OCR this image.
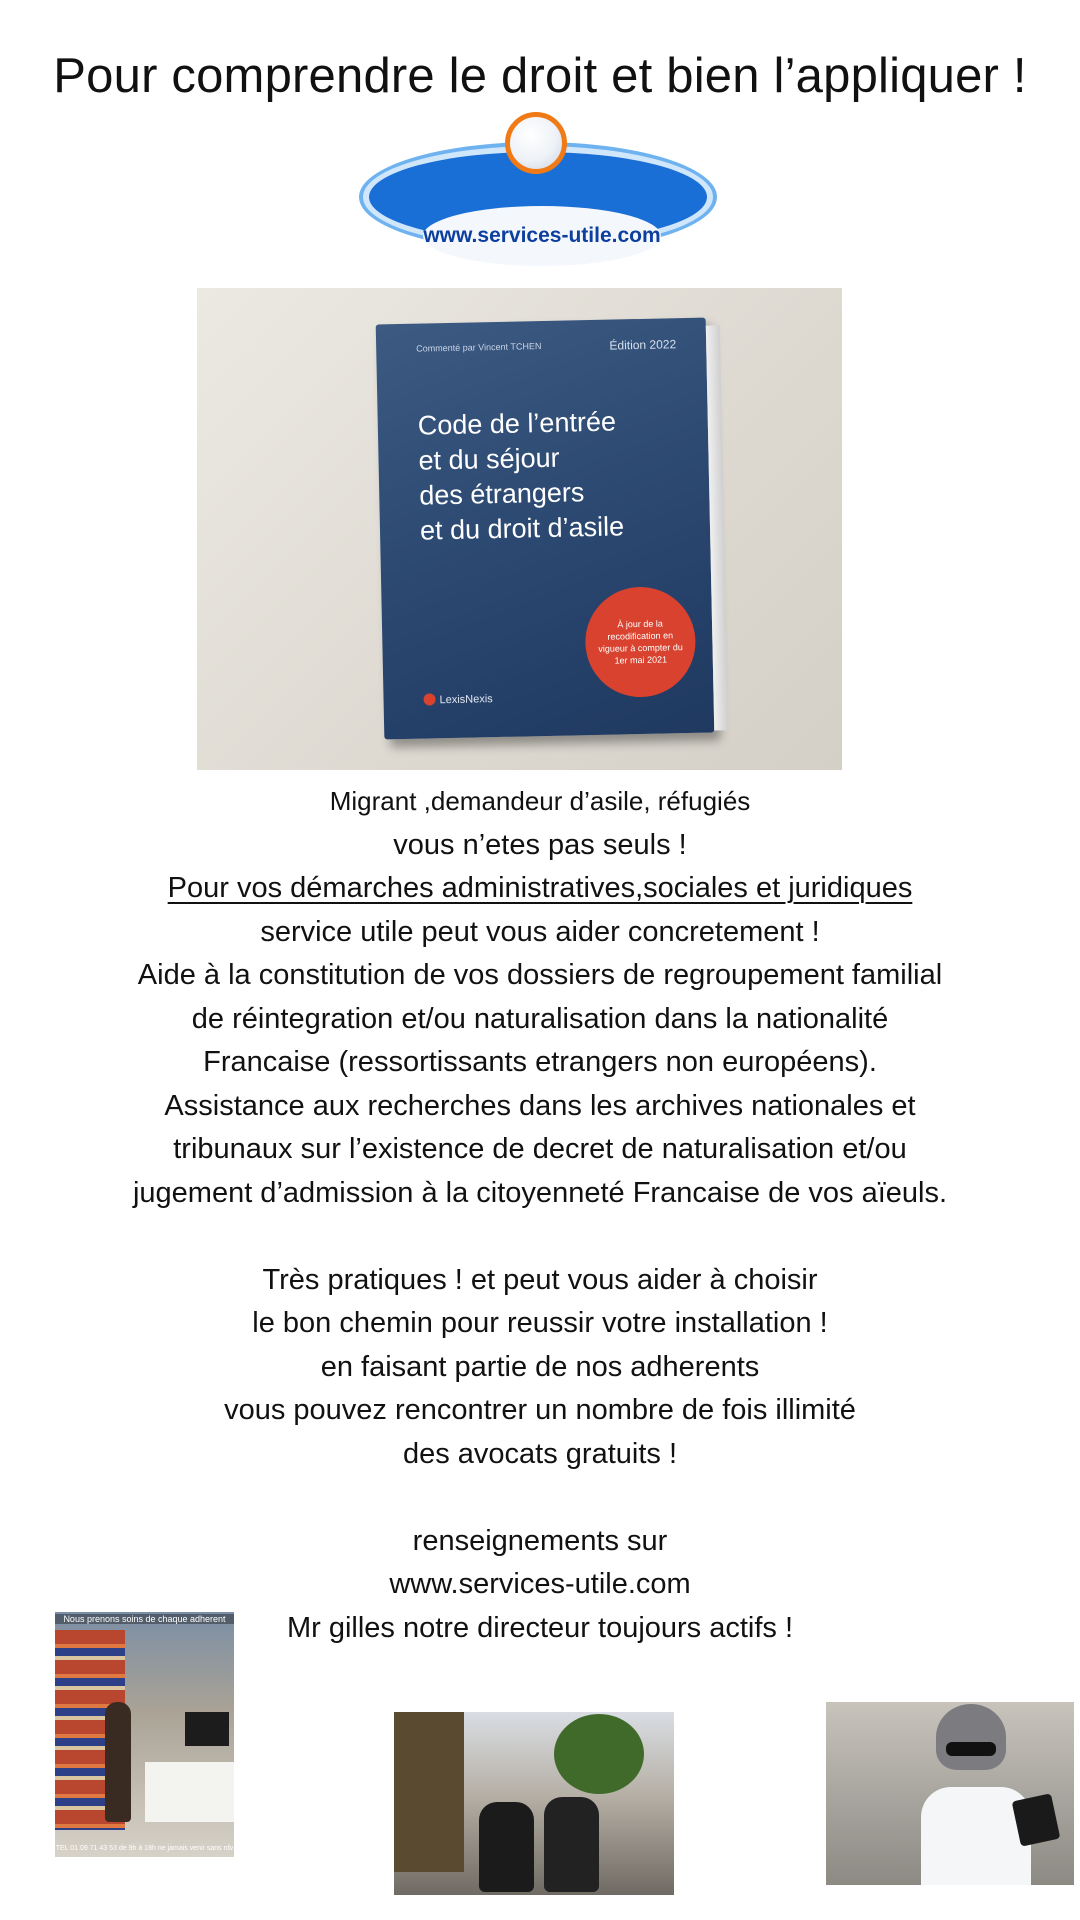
Pour comprendre le droit et bien l’appliquer !
www.services-utile.com
Commenté par Vincent TCHEN	Édition 2022
Code de l’entrée
et du séjour
des étrangers
et du droit d’asile
À jour de la recodification en vigueur à compter du 1er mai 2021
LexisNexis
Migrant ,demandeur d’asile, réfugiés
vous n’etes pas seuls !
Pour vos démarches administratives,sociales et juridiques
service utile peut vous aider concretement !
Aide à la constitution de vos dossiers de regroupement familial
de réintegration et/ou naturalisation dans la nationalité
Francaise (ressortissants etrangers non européens).
Assistance aux recherches dans les archives nationales et
tribunaux sur l’existence de decret de naturalisation et/ou
jugement d’admission à la citoyenneté Francaise de vos aïeuls.
Très pratiques ! et peut vous aider à choisir
le bon chemin pour reussir votre installation !
en faisant partie de nos adherents
vous pouvez rencontrer un nombre de fois illimité
des avocats gratuits !
renseignements sur
www.services-utile.com
Mr gilles notre directeur toujours actifs !
Nous prenons soins de chaque adherent
TEL 01 09 71 43 53 de 9h à 18h ne jamais venir sans rdv
